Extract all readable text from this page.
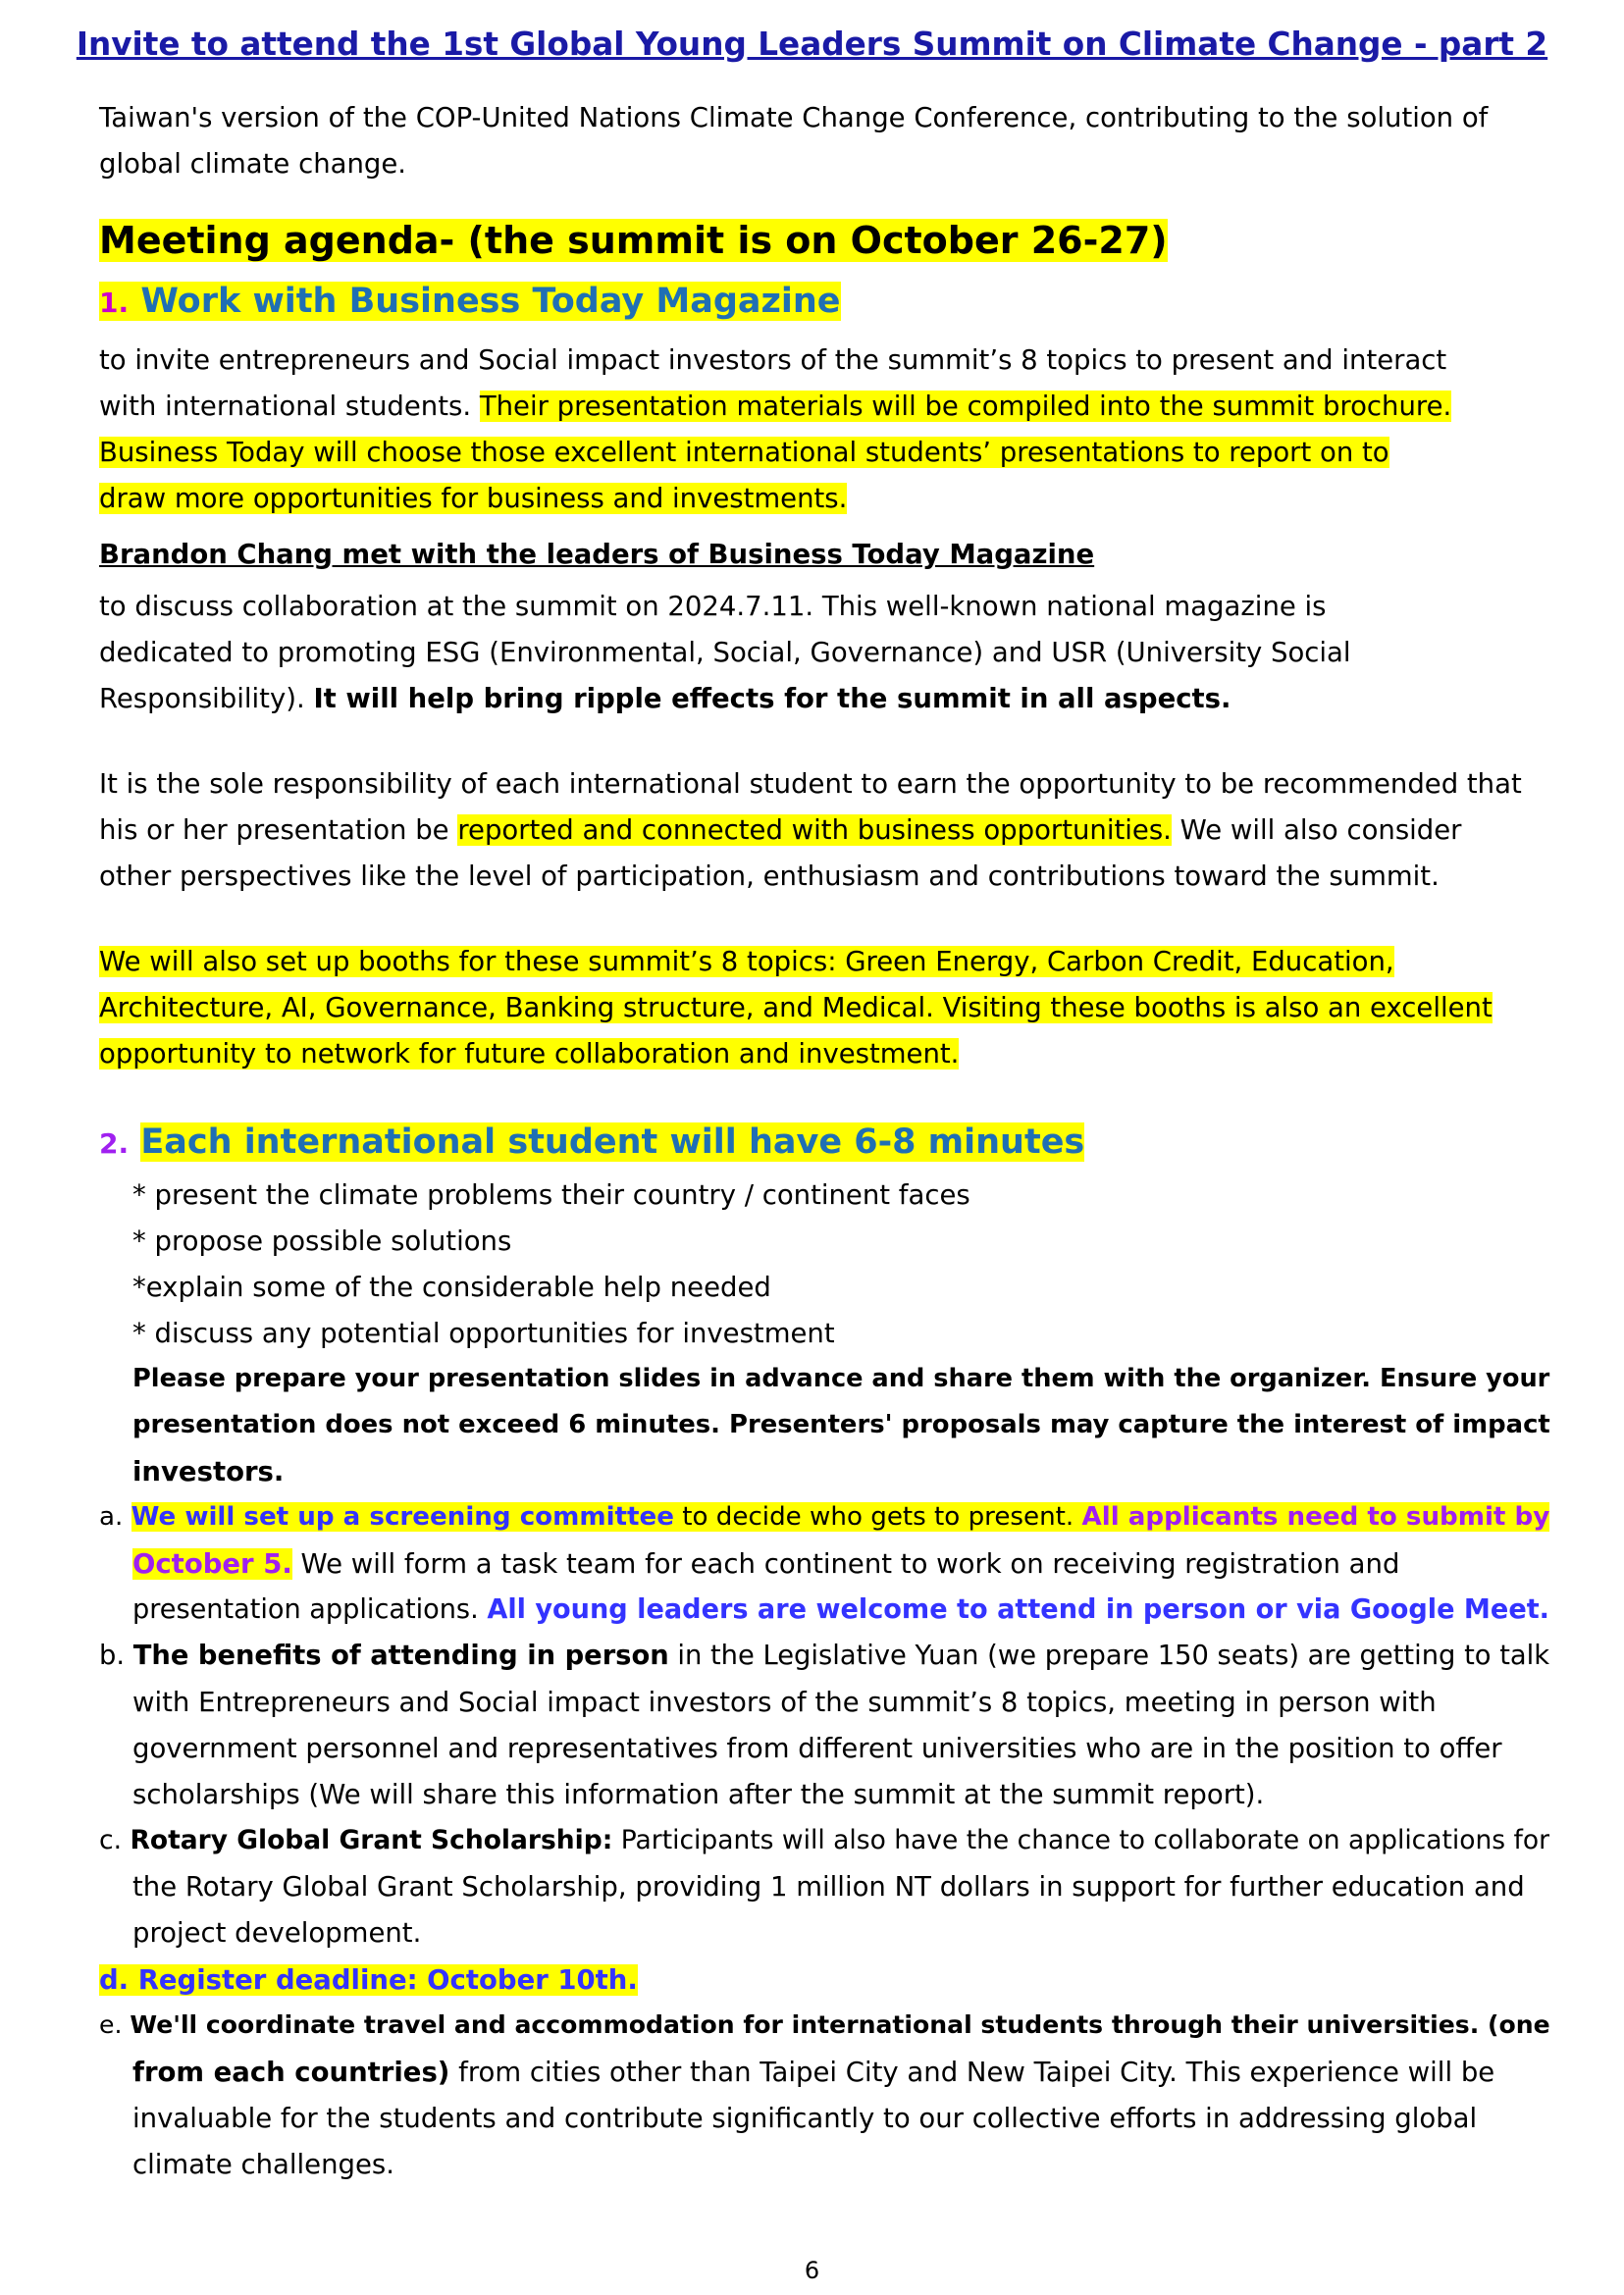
Invite to attend the 1st Global Young Leaders Summit on Climate Change - part 2
Taiwan's version of the COP-United Nations Climate Change Conference, contributing to the solution of
global climate change.
Meeting agenda- (the summit is on October 26-27)
1. Work with Business Today Magazine
to invite entrepreneurs and Social impact investors of the summit’s 8 topics to present and interact
with international students. Their presentation materials will be compiled into the summit brochure.
Business Today will choose those excellent international students’ presentations to report on to
draw more opportunities for business and investments.
Brandon Chang met with the leaders of Business Today Magazine
to discuss collaboration at the summit on 2024.7.11. This well-known national magazine is
dedicated to promoting ESG (Environmental, Social, Governance) and USR (University Social
Responsibility). It will help bring ripple effects for the summit in all aspects.
It is the sole responsibility of each international student to earn the opportunity to be recommended that
his or her presentation be reported and connected with business opportunities. We will also consider
other perspectives like the level of participation, enthusiasm and contributions toward the summit.
We will also set up booths for these summit’s 8 topics: Green Energy, Carbon Credit, Education,
Architecture, AI, Governance, Banking structure, and Medical. Visiting these booths is also an excellent
opportunity to network for future collaboration and investment.
2. Each international student will have 6-8 minutes
* present the climate problems their country / continent faces
* propose possible solutions
*explain some of the considerable help needed
* discuss any potential opportunities for investment
Please prepare your presentation slides in advance and share them with the organizer. Ensure your
presentation does not exceed 6 minutes. Presenters' proposals may capture the interest of impact
investors.
a. We will set up a screening committee to decide who gets to present. All applicants need to submit by
October 5. We will form a task team for each continent to work on receiving registration and
presentation applications. All young leaders are welcome to attend in person or via Google Meet.
b. The benefits of attending in person in the Legislative Yuan (we prepare 150 seats) are getting to talk
with Entrepreneurs and Social impact investors of the summit’s 8 topics, meeting in person with
government personnel and representatives from different universities who are in the position to offer
scholarships (We will share this information after the summit at the summit report).
c. Rotary Global Grant Scholarship: Participants will also have the chance to collaborate on applications for
the Rotary Global Grant Scholarship, providing 1 million NT dollars in support for further education and
project development.
d. Register deadline: October 10th.
e. We'll coordinate travel and accommodation for international students through their universities. (one
from each countries) from cities other than Taipei City and New Taipei City. This experience will be
invaluable for the students and contribute significantly to our collective efforts in addressing global
climate challenges.
6
